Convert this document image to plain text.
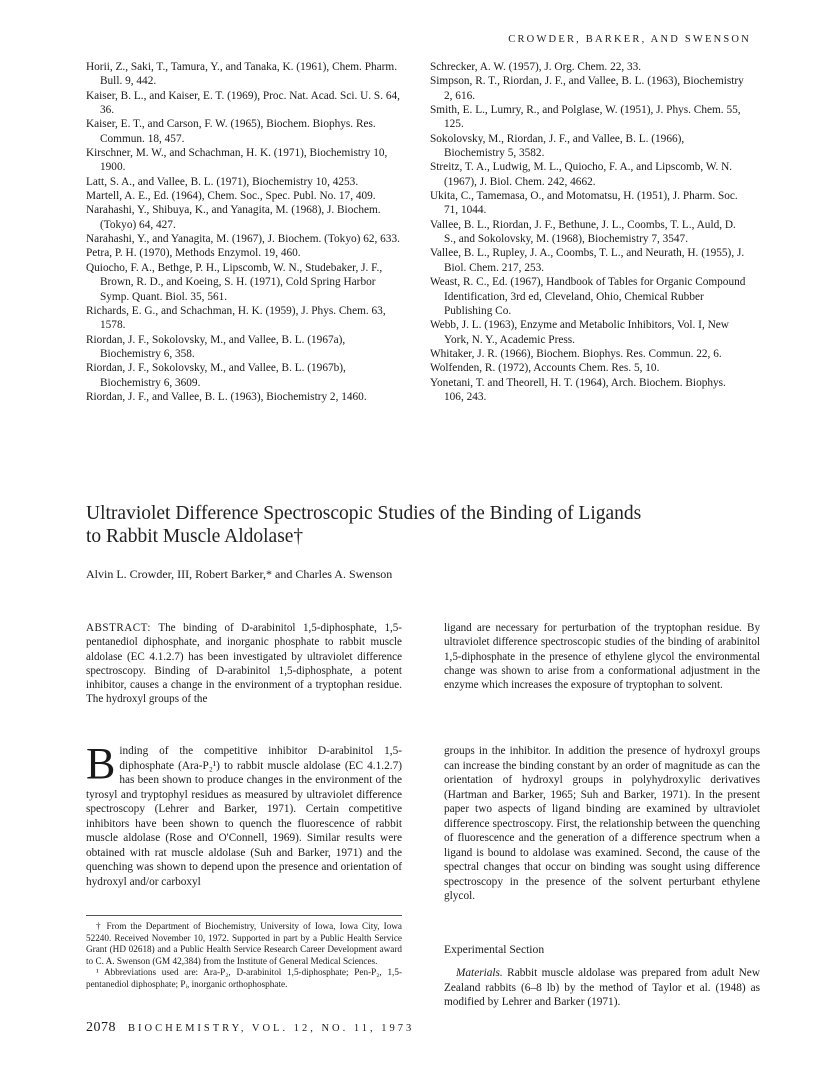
CROWDER, BARKER, AND SWENSON

Horii, Z., Saki, T., Tamura, Y., and Tanaka, K. (1961), Chem. Pharm. Bull. 9, 442.

Kaiser, B. L., and Kaiser, E. T. (1969), Proc. Nat. Acad. Sci. U. S. 64, 36.

Kaiser, E. T., and Carson, F. W. (1965), Biochem. Biophys. Res. Commun. 18, 457.

Kirschner, M. W., and Schachman, H. K. (1971), Biochemistry 10, 1900.

Latt, S. A., and Vallee, B. L. (1971), Biochemistry 10, 4253.

Martell, A. E., Ed. (1964), Chem. Soc., Spec. Publ. No. 17, 409.

Narahashi, Y., Shibuya, K., and Yanagita, M. (1968), J. Biochem. (Tokyo) 64, 427.

Narahashi, Y., and Yanagita, M. (1967), J. Biochem. (Tokyo) 62, 633.

Petra, P. H. (1970), Methods Enzymol. 19, 460.

Quiocho, F. A., Bethge, P. H., Lipscomb, W. N., Studebaker, J. F., Brown, R. D., and Koeing, S. H. (1971), Cold Spring Harbor Symp. Quant. Biol. 35, 561.

Richards, E. G., and Schachman, H. K. (1959), J. Phys. Chem. 63, 1578.

Riordan, J. F., Sokolovsky, M., and Vallee, B. L. (1967a), Biochemistry 6, 358.

Riordan, J. F., Sokolovsky, M., and Vallee, B. L. (1967b), Biochemistry 6, 3609.

Riordan, J. F., and Vallee, B. L. (1963), Biochemistry 2, 1460.

Schrecker, A. W. (1957), J. Org. Chem. 22, 33.

Simpson, R. T., Riordan, J. F., and Vallee, B. L. (1963), Biochemistry 2, 616.

Smith, E. L., Lumry, R., and Polglase, W. (1951), J. Phys. Chem. 55, 125.

Sokolovsky, M., Riordan, J. F., and Vallee, B. L. (1966), Biochemistry 5, 3582.

Streitz, T. A., Ludwig, M. L., Quiocho, F. A., and Lipscomb, W. N. (1967), J. Biol. Chem. 242, 4662.

Ukita, C., Tamemasa, O., and Motomatsu, H. (1951), J. Pharm. Soc. 71, 1044.

Vallee, B. L., Riordan, J. F., Bethune, J. L., Coombs, T. L., Auld, D. S., and Sokolovsky, M. (1968), Biochemistry 7, 3547.

Vallee, B. L., Rupley, J. A., Coombs, T. L., and Neurath, H. (1955), J. Biol. Chem. 217, 253.

Weast, R. C., Ed. (1967), Handbook of Tables for Organic Compound Identification, 3rd ed, Cleveland, Ohio, Chemical Rubber Publishing Co.

Webb, J. L. (1963), Enzyme and Metabolic Inhibitors, Vol. I, New York, N. Y., Academic Press.

Whitaker, J. R. (1966), Biochem. Biophys. Res. Commun. 22, 6.

Wolfenden, R. (1972), Accounts Chem. Res. 5, 10.

Yonetani, T. and Theorell, H. T. (1964), Arch. Biochem. Biophys. 106, 243.

Ultraviolet Difference Spectroscopic Studies of the Binding of Ligands to Rabbit Muscle Aldolase†
Alvin L. Crowder, III, Robert Barker,* and Charles A. Swenson
ABSTRACT: The binding of D-arabinitol 1,5-diphosphate, 1,5-pentanediol diphosphate, and inorganic phosphate to rabbit muscle aldolase (EC 4.1.2.7) has been investigated by ultraviolet difference spectroscopy. Binding of D-arabinitol 1,5-diphosphate, a potent inhibitor, causes a change in the environment of a tryptophan residue. The hydroxyl groups of the
ligand are necessary for perturbation of the tryptophan residue. By ultraviolet difference spectroscopic studies of the binding of arabinitol 1,5-diphosphate in the presence of ethylene glycol the environmental change was shown to arise from a conformational adjustment in the enzyme which increases the exposure of tryptophan to solvent.
B inding of the competitive inhibitor D-arabinitol 1,5-diphosphate (Ara-P₂¹) to rabbit muscle aldolase (EC 4.1.2.7) has been shown to produce changes in the environment of the tyrosyl and tryptophyl residues as measured by ultraviolet difference spectroscopy (Lehrer and Barker, 1971). Certain competitive inhibitors have been shown to quench the fluorescence of rabbit muscle aldolase (Rose and O'Connell, 1969). Similar results were obtained with rat muscle aldolase (Suh and Barker, 1971) and the quenching was shown to depend upon the presence and orientation of hydroxyl and/or carboxyl
groups in the inhibitor. In addition the presence of hydroxyl groups can increase the binding constant by an order of magnitude as can the orientation of hydroxyl groups in polyhydroxylic derivatives (Hartman and Barker, 1965; Suh and Barker, 1971). In the present paper two aspects of ligand binding are examined by ultraviolet difference spectroscopy. First, the relationship between the quenching of fluorescence and the generation of a difference spectrum when a ligand is bound to aldolase was examined. Second, the cause of the spectral changes that occur on binding was sought using difference spectroscopy in the presence of the solvent perturbant ethylene glycol.

† From the Department of Biochemistry, University of Iowa, Iowa City, Iowa 52240. Received November 10, 1972. Supported in part by a Public Health Service Grant (HD 02618) and a Public Health Service Research Career Development award to C. A. Swenson (GM 42,384) from the Institute of General Medical Sciences.

¹ Abbreviations used are: Ara-P₂, D-arabinitol 1,5-diphosphate; Pen-P₂, 1,5-pentanediol diphosphate; Pᵢ, inorganic orthophosphate.

Experimental Section
Materials. Rabbit muscle aldolase was prepared from adult New Zealand rabbits (6–8 lb) by the method of Taylor et al. (1948) as modified by Lehrer and Barker (1971).
2078 BIOCHEMISTRY, VOL. 12, NO. 11, 1973
